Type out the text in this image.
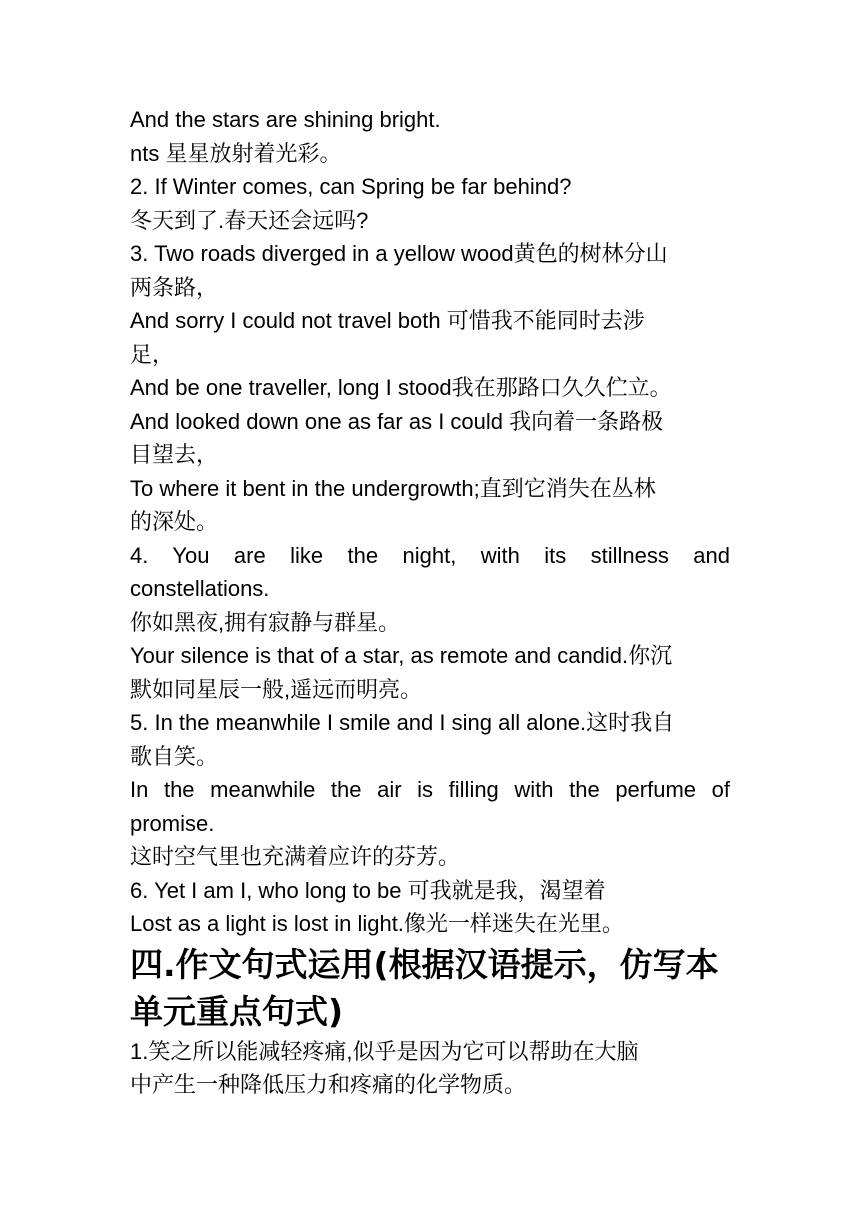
And the stars are shining bright.

nts 星星放射着光彩。

2. If Winter comes, can Spring be far behind?

冬天到了.春天还会远吗?

3. Two roads diverged in a yellow wood黄色的树林分山

两条路，

And sorry I could not travel both 可惜我不能同时去涉

足，

And be one traveller, long I stood我在那路口久久伫立。

And looked down one as far as I could 我向着一条路极

目望去，

To where it bent in the undergrowth;直到它消失在丛林

的深处。

4. You are like the night, with its stillness and

constellations.

你如黑夜,拥有寂静与群星。

Your silence is that of a star, as remote and candid.你沉

默如同星辰一般,遥远而明亮。

5. In the meanwhile I smile and I sing all alone.这时我自

歌自笑。

In the meanwhile the air is filling with the perfume of

promise.

这时空气里也充满着应许的芬芳。

6. Yet I am I, who long to be 可我就是我，渴望着

Lost as a light is lost in light.像光一样迷失在光里。

四.作文句式运用(根据汉语提示，仿写本

单元重点句式)

1.笑之所以能减轻疼痛,似乎是因为它可以帮助在大脑

中产生一种降低压力和疼痛的化学物质。
